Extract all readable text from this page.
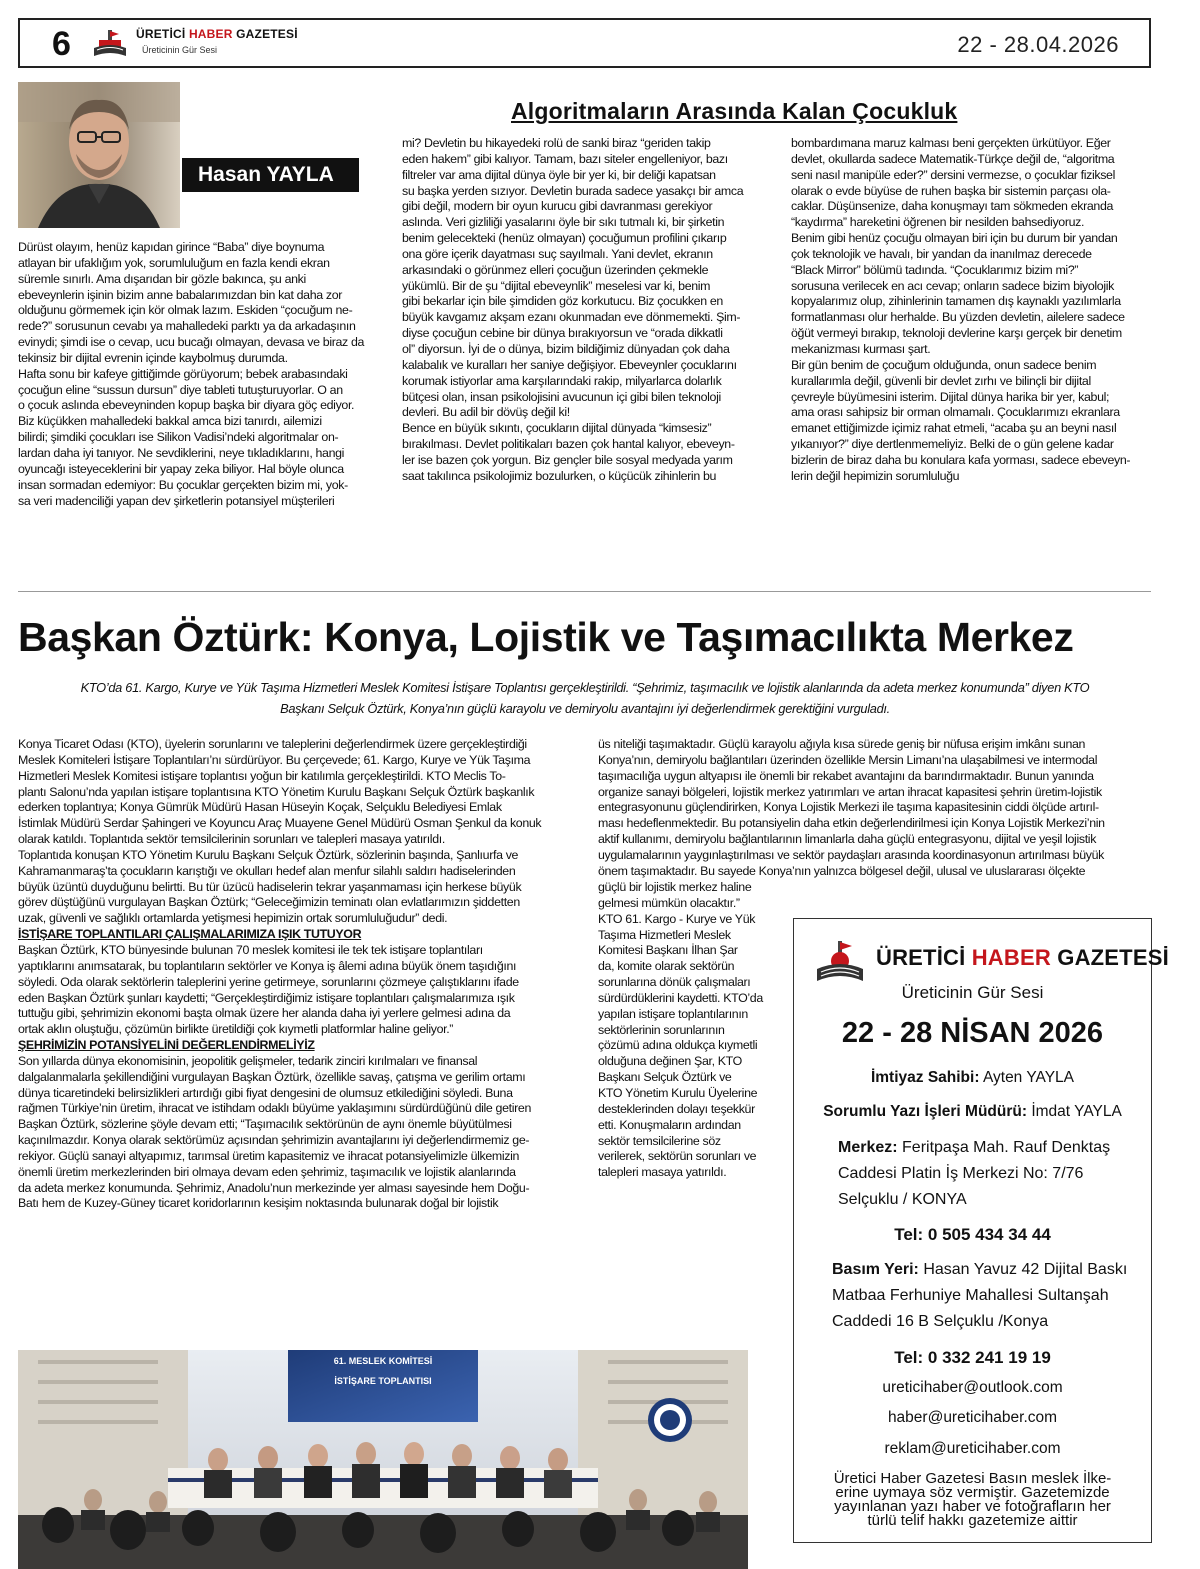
6	ÜRETİCİ HABER GAZETESİ
Üreticinin Gür Sesi	22 - 28.04.2026
Hasan YAYLA
Algoritmaların Arasında Kalan Çocukluk

Dürüst olayım, henüz kapıdan girince “Baba” diye boynuma

atlayan bir ufaklığım yok, sorumluluğum en fazla kendi ekran

süremle sınırlı. Ama dışarıdan bir gözle bakınca, şu anki

ebeveynlerin işinin bizim anne babalarımızdan bin kat daha zor

olduğunu görmemek için kör olmak lazım. Eskiden “çocuğum ne-

rede?” sorusunun cevabı ya mahalledeki parktı ya da arkadaşının

evinydi; şimdi ise o cevap, ucu bucağı olmayan, devasa ve biraz da

tekinsiz bir dijital evrenin içinde kaybolmuş durumda.

Hafta sonu bir kafeye gittiğimde görüyorum; bebek arabasındaki

çocuğun eline “sussun dursun” diye tableti tutuşturuyorlar. O an

o çocuk aslında ebeveyninden kopup başka bir diyara göç ediyor.

Biz küçükken mahalledeki bakkal amca bizi tanırdı, ailemizi

bilirdi; şimdiki çocukları ise Silikon Vadisi’ndeki algoritmalar on-

lardan daha iyi tanıyor. Ne sevdiklerini, neye tıkladıklarını, hangi

oyuncağı isteyeceklerini bir yapay zeka biliyor. Hal böyle olunca

insan sormadan edemiyor: Bu çocuklar gerçekten bizim mi, yok-

sa veri madenciliği yapan dev şirketlerin potansiyel müşterileri

mi? Devletin bu hikayedeki rolü de sanki biraz “geriden takip

eden hakem” gibi kalıyor. Tamam, bazı siteler engelleniyor, bazı

filtreler var ama dijital dünya öyle bir yer ki, bir deliği kapatsan

su başka yerden sızıyor. Devletin burada sadece yasakçı bir amca

gibi değil, modern bir oyun kurucu gibi davranması gerekiyor

aslında. Veri gizliliği yasalarını öyle bir sıkı tutmalı ki, bir şirketin

benim gelecekteki (henüz olmayan) çocuğumun profilini çıkarıp

ona göre içerik dayatması suç sayılmalı. Yani devlet, ekranın

arkasındaki o görünmez elleri çocuğun üzerinden çekmekle

yükümlü. Bir de şu “dijital ebeveynlik” meselesi var ki, benim

gibi bekarlar için bile şimdiden göz korkutucu. Biz çocukken en

büyük kavgamız akşam ezanı okunmadan eve dönmemekti. Şim-

diyse çocuğun cebine bir dünya bırakıyorsun ve “orada dikkatli

ol” diyorsun. İyi de o dünya, bizim bildiğimiz dünyadan çok daha

kalabalık ve kuralları her saniye değişiyor. Ebeveynler çocuklarını

korumak istiyorlar ama karşılarındaki rakip, milyarlarca dolarlık

bütçesi olan, insan psikolojisini avucunun içi gibi bilen teknoloji

devleri. Bu adil bir dövüş değil ki!

Bence en büyük sıkıntı, çocukların dijital dünyada “kimsesiz”

bırakılması. Devlet politikaları bazen çok hantal kalıyor, ebeveyn-

ler ise bazen çok yorgun. Biz gençler bile sosyal medyada yarım

saat takılınca psikolojimiz bozulurken, o küçücük zihinlerin bu

bombardımana maruz kalması beni gerçekten ürkütüyor. Eğer

devlet, okullarda sadece Matematik-Türkçe değil de, “algoritma

seni nasıl manipüle eder?” dersini vermezse, o çocuklar fiziksel

olarak o evde büyüse de ruhen başka bir sistemin parçası ola-

caklar. Düşünsenize, daha konuşmayı tam sökmeden ekranda

“kaydırma” hareketini öğrenen bir nesilden bahsediyoruz.

Benim gibi henüz çocuğu olmayan biri için bu durum bir yandan

çok teknolojik ve havalı, bir yandan da inanılmaz derecede

“Black Mirror” bölümü tadında. “Çocuklarımız bizim mi?”

sorusuna verilecek en acı cevap; onların sadece bizim biyolojik

kopyalarımız olup, zihinlerinin tamamen dış kaynaklı yazılımlarla

formatlanması olur herhalde. Bu yüzden devletin, ailelere sadece

öğüt vermeyi bırakıp, teknoloji devlerine karşı gerçek bir denetim

mekanizması kurması şart.

Bir gün benim de çocuğum olduğunda, onun sadece benim

kurallarımla değil, güvenli bir devlet zırhı ve bilinçli bir dijital

çevreyle büyümesini isterim. Dijital dünya harika bir yer, kabul;

ama orası sahipsiz bir orman olmamalı. Çocuklarımızı ekranlara

emanet ettiğimizde içimiz rahat etmeli, “acaba şu an beyni nasıl

yıkanıyor?” diye dertlenmemeliyiz. Belki de o gün gelene kadar

bizlerin de biraz daha bu konulara kafa yorması, sadece ebeveyn-

lerin değil hepimizin sorumluluğu

Başkan Öztürk: Konya, Lojistik ve Taşımacılıkta Merkez
KTO’da 61. Kargo, Kurye ve Yük Taşıma Hizmetleri Meslek Komitesi İstişare Toplantısı gerçekleştirildi. “Şehrimiz, taşımacılık ve lojistik alanlarında da adeta merkez konumunda” diyen KTO
Başkanı Selçuk Öztürk, Konya’nın güçlü karayolu ve demiryolu avantajını iyi değerlendirmek gerektiğini vurguladı.

Konya Ticaret Odası (KTO), üyelerin sorunlarını ve taleplerini değerlendirmek üzere gerçekleştirdiği

Meslek Komiteleri İstişare Toplantıları’nı sürdürüyor. Bu çerçevede; 61. Kargo, Kurye ve Yük Taşıma

Hizmetleri Meslek Komitesi istişare toplantısı yoğun bir katılımla gerçekleştirildi. KTO Meclis To-

plantı Salonu’nda yapılan istişare toplantısına KTO Yönetim Kurulu Başkanı Selçuk Öztürk başkanlık

ederken toplantıya; Konya Gümrük Müdürü Hasan Hüseyin Koçak, Selçuklu Belediyesi Emlak

İstimlak Müdürü Serdar Şahingeri ve Koyuncu Araç Muayene Genel Müdürü Osman Şenkul da konuk

olarak katıldı. Toplantıda sektör temsilcilerinin sorunları ve talepleri masaya yatırıldı.

Toplantıda konuşan KTO Yönetim Kurulu Başkanı Selçuk Öztürk, sözlerinin başında, Şanlıurfa ve

Kahramanmaraş’ta çocukların karıştığı ve okulları hedef alan menfur silahlı saldırı hadiselerinden

büyük üzüntü duyduğunu belirtti. Bu tür üzücü hadiselerin tekrar yaşanmaması için herkese büyük

görev düştüğünü vurgulayan Başkan Öztürk; “Geleceğimizin teminatı olan evlatlarımızın şiddetten

uzak, güvenli ve sağlıklı ortamlarda yetişmesi hepimizin ortak sorumluluğudur” dedi.

İSTİŞARE TOPLANTILARI ÇALIŞMALARIMIZA IŞIK TUTUYOR

Başkan Öztürk, KTO bünyesinde bulunan 70 meslek komitesi ile tek tek istişare toplantıları

yaptıklarını anımsatarak, bu toplantıların sektörler ve Konya iş âlemi adına büyük önem taşıdığını

söyledi. Oda olarak sektörlerin taleplerini yerine getirmeye, sorunlarını çözmeye çalıştıklarını ifade

eden Başkan Öztürk şunları kaydetti; “Gerçekleştirdiğimiz istişare toplantıları çalışmalarımıza ışık

tuttuğu gibi, şehrimizin ekonomi başta olmak üzere her alanda daha iyi yerlere gelmesi adına da

ortak aklın oluştuğu, çözümün birlikte üretildiği çok kıymetli platformlar haline geliyor.”

ŞEHRİMİZİN POTANSİYELİNİ DEĞERLENDİRMELİYİZ

Son yıllarda dünya ekonomisinin, jeopolitik gelişmeler, tedarik zinciri kırılmaları ve finansal

dalgalanmalarla şekillendiğini vurgulayan Başkan Öztürk, özellikle savaş, çatışma ve gerilim ortamı

dünya ticaretindeki belirsizlikleri artırdığı gibi fiyat dengesini de olumsuz etkilediğini söyledi. Buna

rağmen Türkiye’nin üretim, ihracat ve istihdam odaklı büyüme yaklaşımını sürdürdüğünü dile getiren

Başkan Öztürk, sözlerine şöyle devam etti; “Taşımacılık sektörünün de aynı önemle büyütülmesi

kaçınılmazdır. Konya olarak sektörümüz açısından şehrimizin avantajlarını iyi değerlendirmemiz ge-

rekiyor. Güçlü sanayi altyapımız, tarımsal üretim kapasitemiz ve ihracat potansiyelimizle ülkemizin

önemli üretim merkezlerinden biri olmaya devam eden şehrimiz, taşımacılık ve lojistik alanlarında

da adeta merkez konumunda. Şehrimiz, Anadolu’nun merkezinde yer alması sayesinde hem Doğu-

Batı hem de Kuzey-Güney ticaret koridorlarının kesişim noktasında bulunarak doğal bir lojistik

üs niteliği taşımaktadır. Güçlü karayolu ağıyla kısa sürede geniş bir nüfusa erişim imkânı sunan

Konya’nın, demiryolu bağlantıları üzerinden özellikle Mersin Limanı’na ulaşabilmesi ve intermodal

taşımacılığa uygun altyapısı ile önemli bir rekabet avantajını da barındırmaktadır. Bunun yanında

organize sanayi bölgeleri, lojistik merkez yatırımları ve artan ihracat kapasitesi şehrin üretim-lojistik

entegrasyonunu güçlendirirken, Konya Lojistik Merkezi ile taşıma kapasitesinin ciddi ölçüde artırıl-

ması hedeflenmektedir. Bu potansiyelin daha etkin değerlendirilmesi için Konya Lojistik Merkezi’nin

aktif kullanımı, demiryolu bağlantılarının limanlarla daha güçlü entegrasyonu, dijital ve yeşil lojistik

uygulamalarının yaygınlaştırılması ve sektör paydaşları arasında koordinasyonun artırılması büyük

önem taşımaktadır. Bu sayede Konya’nın yalnızca bölgesel değil, ulusal ve uluslararası ölçekte

güçlü bir lojistik merkez haline

gelmesi mümkün olacaktır.”

KTO 61. Kargo - Kurye ve Yük

Taşıma Hizmetleri Meslek

Komitesi Başkanı İlhan Şar

da, komite olarak sektörün

sorunlarına dönük çalışmaları

sürdürdüklerini kaydetti. KTO’da

yapılan istişare toplantılarının

sektörlerinin sorunlarının

çözümü adına oldukça kıymetli

olduğuna değinen Şar, KTO

Başkanı Selçuk Öztürk ve

KTO Yönetim Kurulu Üyelerine

desteklerinden dolayı teşekkür

etti. Konuşmaların ardından

sektör temsilcilerine söz

verilerek, sektörün sorunları ve

talepleri masaya yatırıldı.

61. MESLEK KOMİTESİ
İSTİŞARE TOPLANTISI
ÜRETİCİ HABER GAZETESİ
Üreticinin Gür Sesi
22 - 28 NİSAN 2026
İmtiyaz Sahibi: Ayten YAYLA
Sorumlu Yazı İşleri Müdürü: İmdat YAYLA
Merkez: Feritpaşa Mah. Rauf Denktaş
Caddesi Platin İş Merkezi No: 7/76
Selçuklu / KONYA
Tel: 0 505 434 34 44
Basım Yeri: Hasan Yavuz 42 Dijital Baskı
Matbaa Ferhuniye Mahallesi Sultanşah
Caddedi 16 B Selçuklu /Konya
Tel: 0 332 241 19 19
ureticihaber@outlook.com
haber@ureticihaber.com
reklam@ureticihaber.com
Üretici Haber Gazetesi Basın meslek İlke-
erine uymaya söz vermiştir. Gazetemizde
yayınlanan yazı haber ve fotoğrafların her
türlü telif hakkı gazetemize aittir
